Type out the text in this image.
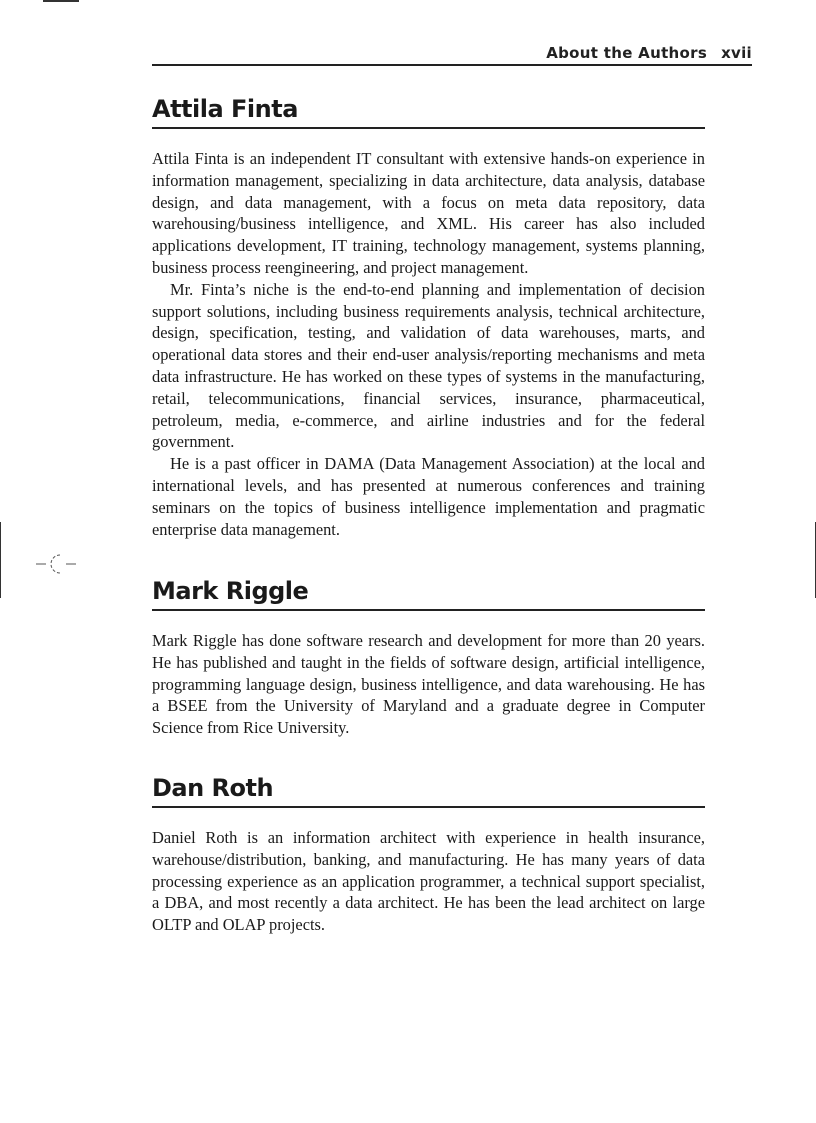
About the Authors xvii
Attila Finta

Attila Finta is an independent IT consultant with extensive hands-on experience in information management, specializing in data architecture, data analysis, database design, and data management, with a focus on meta data repository, data warehousing/business intelligence, and XML. His career has also included applications development, IT training, technology management, systems planning, business process reengineering, and project management.

Mr. Finta’s niche is the end-to-end planning and implementation of decision support solutions, including business requirements analysis, technical architecture, design, specification, testing, and validation of data warehouses, marts, and operational data stores and their end-user analysis/reporting mechanisms and meta data infrastructure. He has worked on these types of systems in the manufacturing, retail, telecommunications, financial services, insurance, pharmaceutical, petroleum, media, e-commerce, and airline industries and for the federal government.

He is a past officer in DAMA (Data Management Association) at the local and international levels, and has presented at numerous conferences and training seminars on the topics of business intelligence implementation and pragmatic enterprise data management.

Mark Riggle

Mark Riggle has done software research and development for more than 20 years. He has published and taught in the fields of software design, artificial intelligence, programming language design, business intelligence, and data warehousing. He has a BSEE from the University of Maryland and a graduate degree in Computer Science from Rice University.

Dan Roth

Daniel Roth is an information architect with experience in health insurance, warehouse/distribution, banking, and manufacturing. He has many years of data processing experience as an application programmer, a technical support specialist, a DBA, and most recently a data architect. He has been the lead architect on large OLTP and OLAP projects.
